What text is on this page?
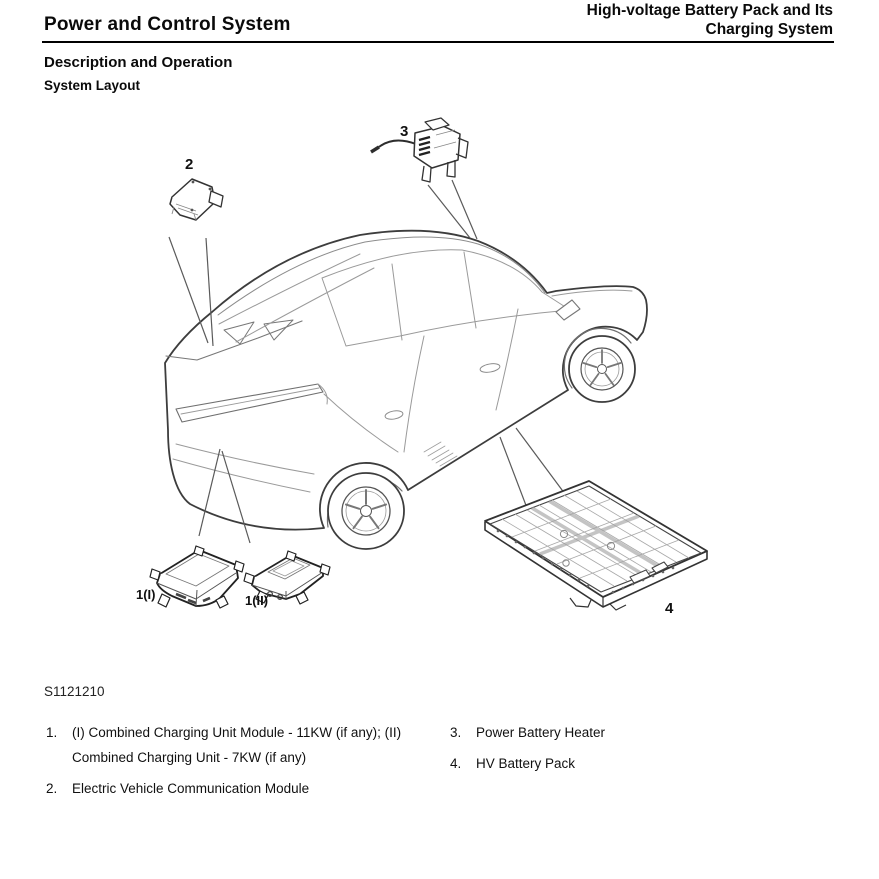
Power and Control System
High-voltage Battery Pack and Its
Charging System
Description and Operation
System Layout
2
3
1(I)	1(II)	4
S1121210
1.	(I) Combined Charging Unit Module - 11KW (if any); (II) Combined Charging Unit - 7KW (if any)
2.	Electric Vehicle Communication Module
3.	Power Battery Heater
4.	HV Battery Pack
